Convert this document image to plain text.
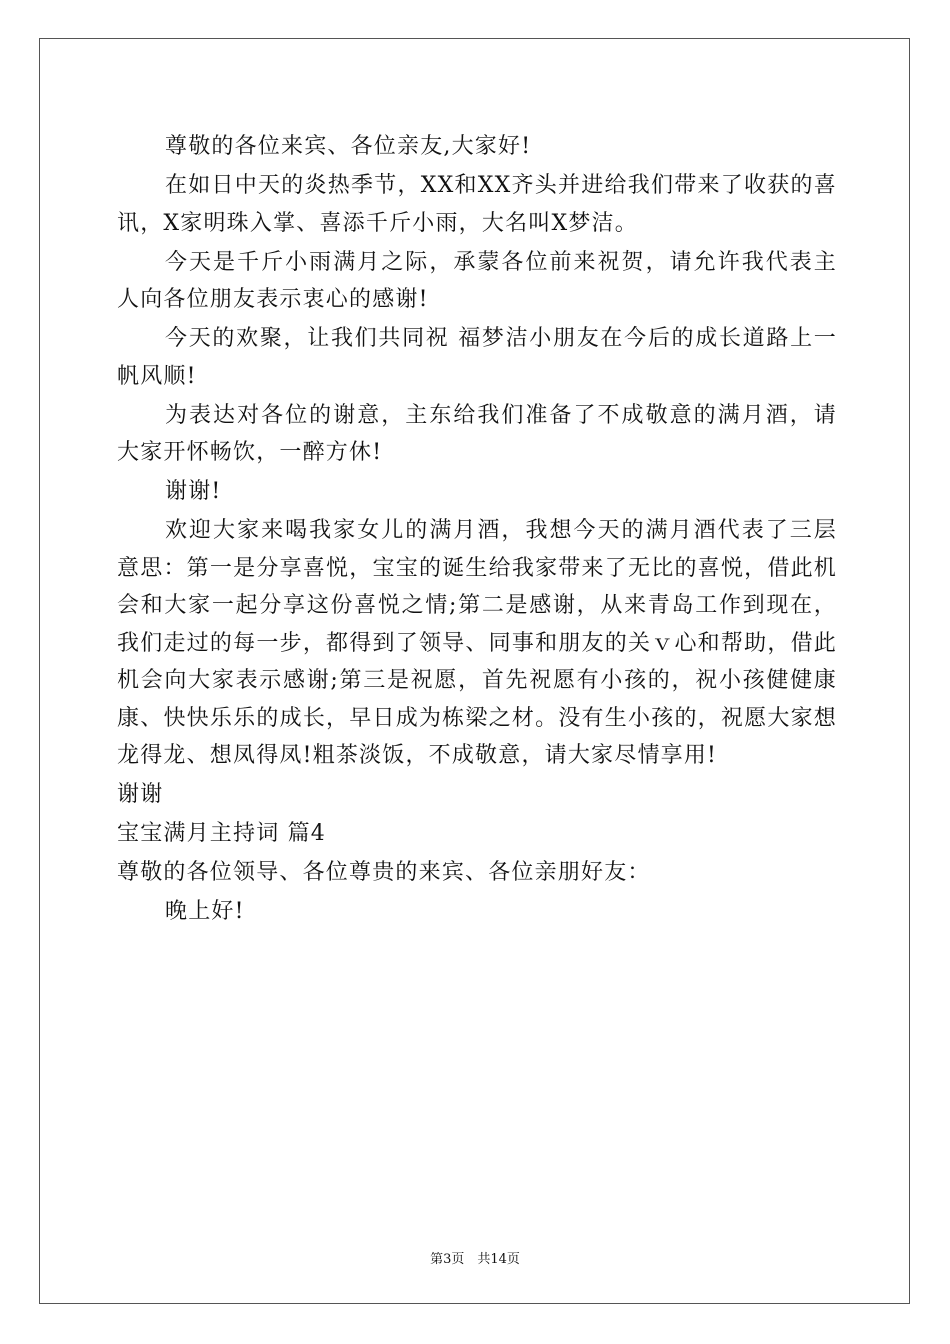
尊敬的各位来宾、各位亲友,大家好!

在如日中天的炎热季节，XX和XX齐头并进给我们带来了收获的喜讯，X家明珠入掌、喜添千斤小雨，大名叫X梦洁。

今天是千斤小雨满月之际，承蒙各位前来祝贺，请允许我代表主人向各位朋友表示衷心的感谢!

今天的欢聚，让我们共同祝 福梦洁小朋友在今后的成长道路上一帆风顺!

为表达对各位的谢意，主东给我们准备了不成敬意的满月酒，请大家开怀畅饮，一醉方休!

谢谢!

欢迎大家来喝我家女儿的满月酒，我想今天的满月酒代表了三层意思：第一是分享喜悦，宝宝的诞生给我家带来了无比的喜悦，借此机会和大家一起分享这份喜悦之情;第二是感谢，从来青岛工作到现在，我们走过的每一步，都得到了领导、同事和朋友的关ｖ心和帮助，借此机会向大家表示感谢;第三是祝愿，首先祝愿有小孩的，祝小孩健健康康、快快乐乐的成长，早日成为栋梁之材。没有生小孩的，祝愿大家想龙得龙、想凤得凤!粗茶淡饭，不成敬意，请大家尽情享用!

谢谢

宝宝满月主持词 篇4

尊敬的各位领导、各位尊贵的来宾、各位亲朋好友：

晚上好!

第3页　共14页
